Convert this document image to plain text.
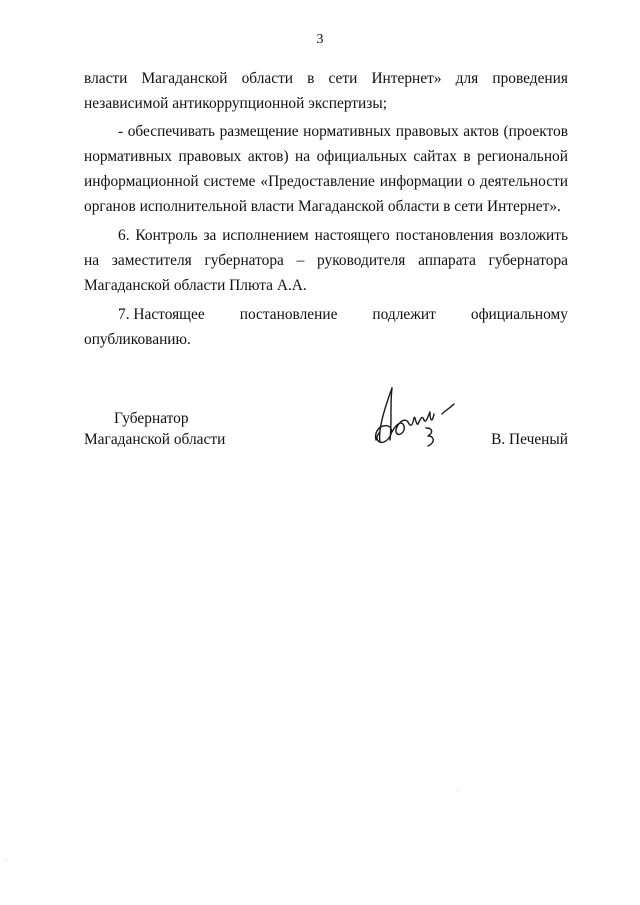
3

власти Магаданской области в сети Интернет» для проведения независимой антикоррупционной экспертизы;

- обеспечивать размещение нормативных правовых актов (проектов нормативных правовых актов) на официальных сайтах в региональной информационной системе «Предоставление информации о деятельности органов исполнительной власти Магаданской области в сети Интернет».

6. Контроль за исполнением настоящего постановления возложить на заместителя губернатора – руководителя аппарата губернатора Магаданской области Плюта А.А.

7. Настоящее постановление подлежит официальному
опубликованию.
Губернатор
Магаданской области	В. Печеный
